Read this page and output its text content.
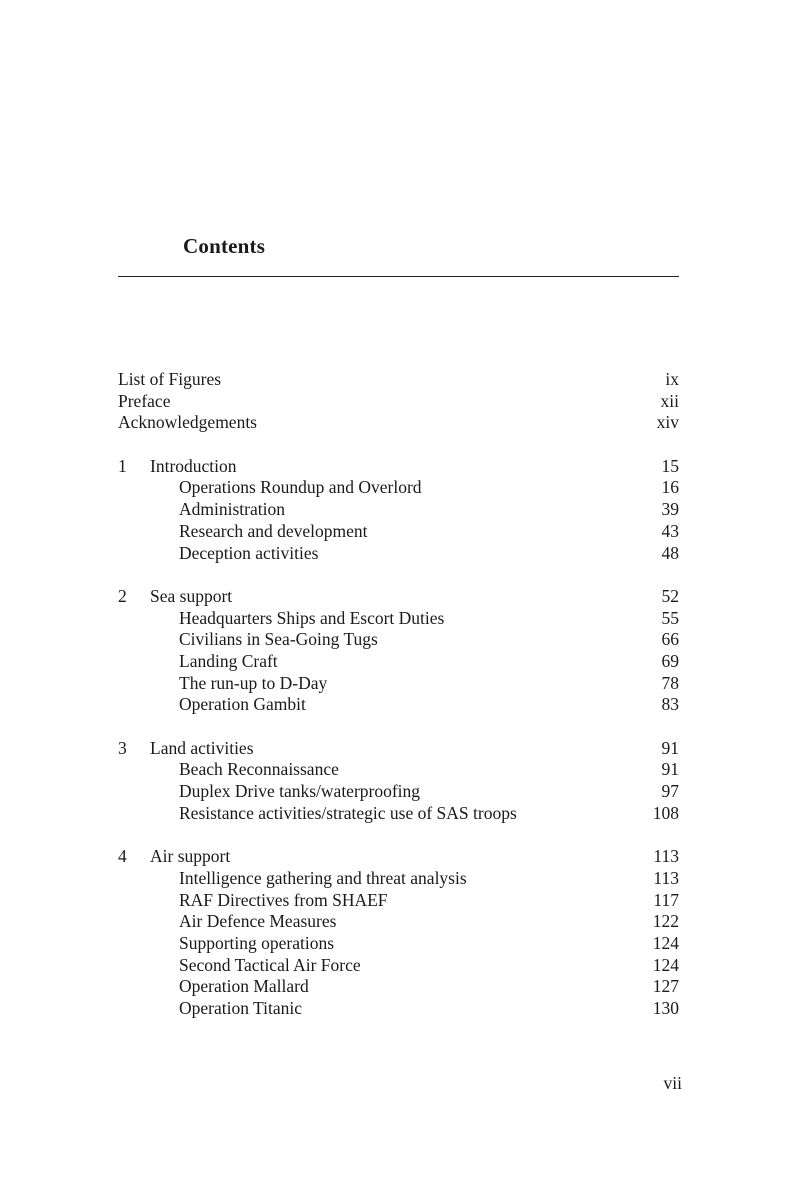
Contents
List of Figures	ix
Preface	xii
Acknowledgements	xiv
1 Introduction	15
Operations Roundup and Overlord	16
Administration	39
Research and development	43
Deception activities	48
2 Sea support	52
Headquarters Ships and Escort Duties	55
Civilians in Sea-Going Tugs	66
Landing Craft	69
The run-up to D-Day	78
Operation Gambit	83
3 Land activities	91
Beach Reconnaissance	91
Duplex Drive tanks/waterproofing	97
Resistance activities/strategic use of SAS troops	108
4 Air support	113
Intelligence gathering and threat analysis	113
RAF Directives from SHAEF	117
Air Defence Measures	122
Supporting operations	124
Second Tactical Air Force	124
Operation Mallard	127
Operation Titanic	130
vii
